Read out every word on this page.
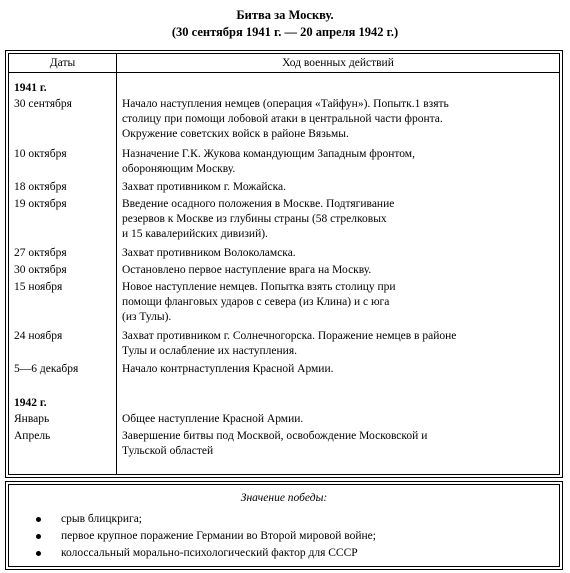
Битва за Москву.
(30 сентября 1941 г. — 20 апреля 1942 г.)
Даты	Ход военных действий
1941 г.
30 сентября	Начало наступления немцев (операция «Тайфун»). Попытк.1 взять
столицу при помощи лобовой атаки в центральной части фронта.
Окружение советских войск в районе Вязьмы.
10 октября	Назначение Г.К. Жукова командующим Западным фронтом,
обороняющим Москву.
18 октября	Захват противником г. Можайска.
19 октября	Введение осадного положения в Москве. Подтягивание
резервов к Москве из глубины страны (58 стрелковых
и 15 кавалерийских дивизий).
27 октября	Захват противником Волоколамска.
30 октября	Остановлено первое наступление врага на Москву.
15 ноября	Новое наступление немцев. Попытка взять столицу при
помощи фланговых ударов с севера (из Клина) и с юга
(из Тулы).
24 ноября	Захват противником г. Солнечногорска. Поражение немцев в районе
Тулы и ослабление их наступления.
5—6 декабря	Начало контрнаступления Красной Армии.
1942 г.
Январь	Общее наступление Красной Армии.
Апрель	Завершение битвы под Москвой, освобождение Московской и
Тульской областей
Значение победы:
срыв блицкрига;
первое крупное поражение Германии во Второй мировой войне;
колоссальный морально-психологический фактор для СССР
